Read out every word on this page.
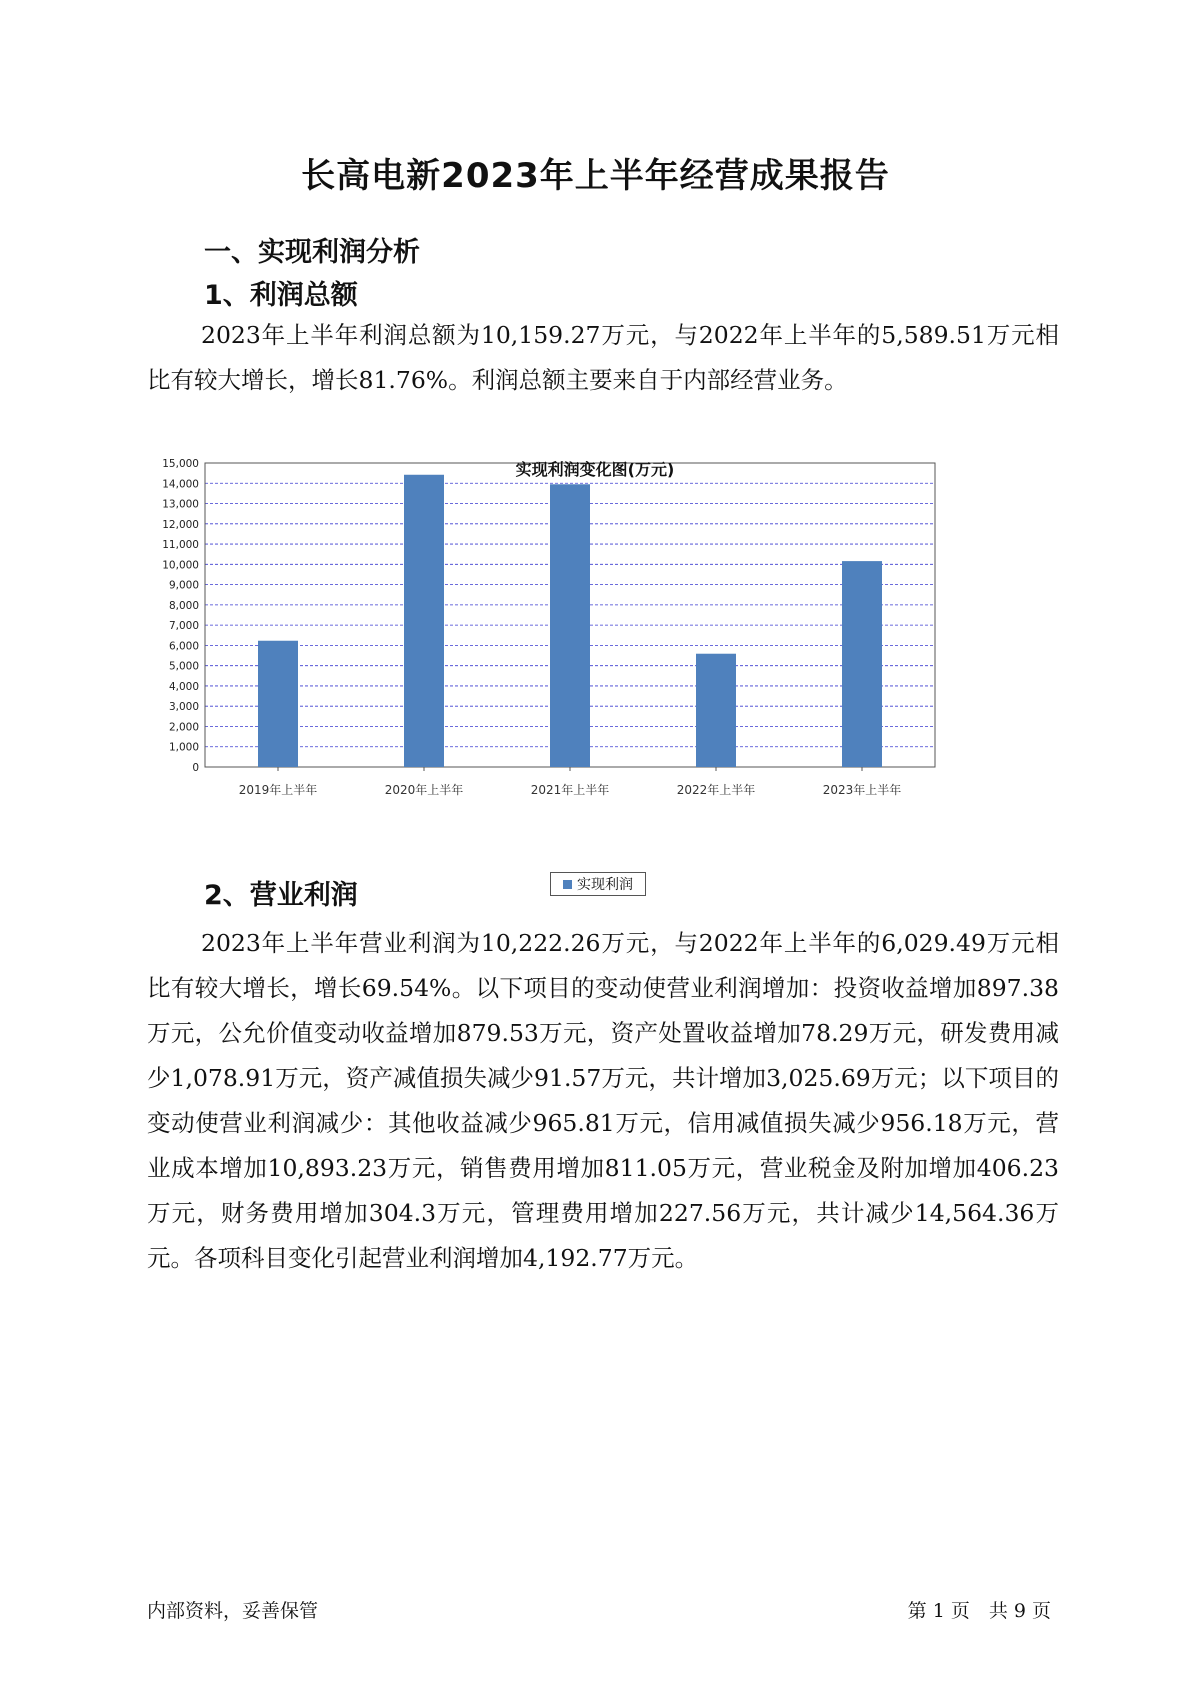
长高电新2023年上半年经营成果报告
一、实现利润分析
1、利润总额

2023年上半年利润总额为10,159.27万元，与2022年上半年的5,589.51万元相比有较大增长，增长81.76%。利润总额主要来自于内部经营业务。

0
1,000
2,000
3,000
4,000
5,000
6,000
7,000
8,000
9,000
10,000
11,000
12,000
13,000
14,000
15,000
2019年上半年	2020年上半年	2021年上半年	2022年上半年	2023年上半年
实现利润变化图(万元)
实现利润
2、营业利润

2023年上半年营业利润为10,222.26万元，与2022年上半年的6,029.49万元相比有较大增长，增长69.54%。以下项目的变动使营业利润增加：投资收益增加897.38万元，公允价值变动收益增加879.53万元，资产处置收益增加78.29万元，研发费用减少1,078.91万元，资产减值损失减少91.57万元，共计增加3,025.69万元；以下项目的变动使营业利润减少：其他收益减少965.81万元，信用减值损失减少956.18万元，营业成本增加10,893.23万元，销售费用增加811.05万元，营业税金及附加增加406.23万元，财务费用增加304.3万元，管理费用增加227.56万元，共计减少14,564.36万元。各项科目变化引起营业利润增加4,192.77万元。

内部资料，妥善保管	第 1 页　共 9 页
